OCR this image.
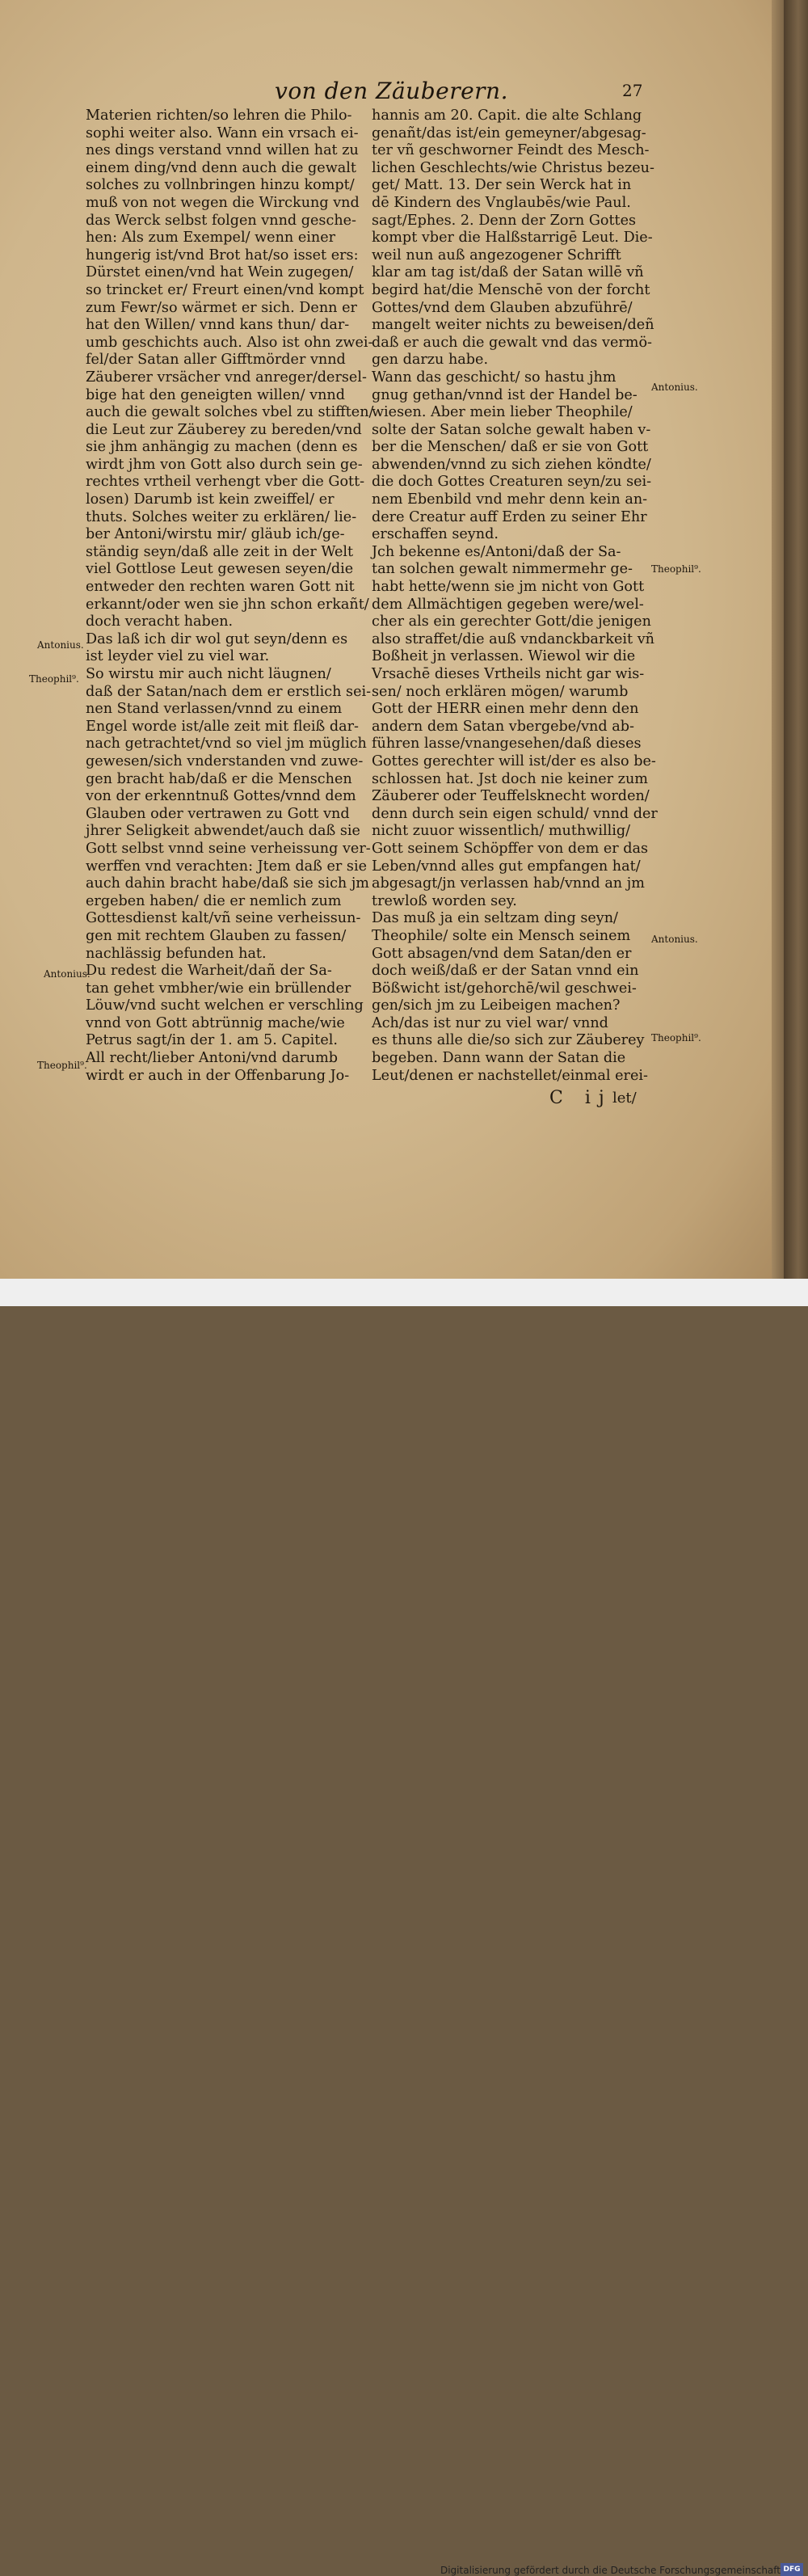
von den Zäuberern.	27
Materien richten/so lehren die Philo-
sophi weiter also. Wann ein vrsach ei-
nes dings verstand vnnd willen hat zu
einem ding/vnd denn auch die gewalt
solches zu vollnbringen hinzu kompt/
muß von not wegen die Wirckung vnd
das Werck selbst folgen vnnd gesche-
hen: Als zum Exempel/ wenn einer
hungerig ist/vnd Brot hat/so isset ers:
Dürstet einen/vnd hat Wein zugegen/
so trincket er/ Freurt einen/vnd kompt
zum Fewr/so wärmet er sich. Denn er
hat den Willen/ vnnd kans thun/ dar-
umb geschichts auch. Also ist ohn zwei-
fel/der Satan aller Gifftmörder vnnd
Zäuberer vrsächer vnd anreger/dersel-
bige hat den geneigten willen/ vnnd
auch die gewalt solches vbel zu stifften/
die Leut zur Zäuberey zu bereden/vnd
sie jhm anhängig zu machen (denn es
wirdt jhm von Gott also durch sein ge-
rechtes vrtheil verhengt vber die Gott-
losen) Darumb ist kein zweiffel/ er
thuts. Solches weiter zu erklären/ lie-
ber Antoni/wirstu mir/ gläub ich/ge-
ständig seyn/daß alle zeit in der Welt
viel Gottlose Leut gewesen seyen/die
entweder den rechten waren Gott nit
erkannt/oder wen sie jhn schon erkañt/
doch veracht haben.
Das laß ich dir wol gut seyn/denn es
ist leyder viel zu viel war.
So wirstu mir auch nicht läugnen/
daß der Satan/nach dem er erstlich sei-
nen Stand verlassen/vnnd zu einem
Engel worde ist/alle zeit mit fleiß dar-
nach getrachtet/vnd so viel jm müglich
gewesen/sich vnderstanden vnd zuwe-
gen bracht hab/daß er die Menschen
von der erkenntnuß Gottes/vnnd dem
Glauben oder vertrawen zu Gott vnd
jhrer Seligkeit abwendet/auch daß sie
Gott selbst vnnd seine verheissung ver-
werffen vnd verachten: Jtem daß er sie
auch dahin bracht habe/daß sie sich jm
ergeben haben/ die er nemlich zum
Gottesdienst kalt/vñ seine verheissun-
gen mit rechtem Glauben zu fassen/
nachlässig befunden hat.
Du redest die Warheit/dañ der Sa-
tan gehet vmbher/wie ein brüllender
Löuw/vnd sucht welchen er verschling
vnnd von Gott abtrünnig mache/wie
Petrus sagt/in der 1. am 5. Capitel.
All recht/lieber Antoni/vnd darumb
wirdt er auch in der Offenbarung Jo-
hannis am 20. Capit. die alte Schlang
genañt/das ist/ein gemeyner/abgesag-
ter vñ geschworner Feindt des Mesch-
lichen Geschlechts/wie Christus bezeu-
get/ Matt. 13. Der sein Werck hat in
dē Kindern des Vnglaubēs/wie Paul.
sagt/Ephes. 2. Denn der Zorn Gottes
kompt vber die Halßstarrigē Leut. Die-
weil nun auß angezogener Schrifft
klar am tag ist/daß der Satan willē vñ
begird hat/die Menschē von der forcht
Gottes/vnd dem Glauben abzuführē/
mangelt weiter nichts zu beweisen/deñ
daß er auch die gewalt vnd das vermö-
gen darzu habe.
Wann das geschicht/ so hastu jhm
gnug gethan/vnnd ist der Handel be-
wiesen. Aber mein lieber Theophile/
solte der Satan solche gewalt haben v-
ber die Menschen/ daß er sie von Gott
abwenden/vnnd zu sich ziehen köndte/
die doch Gottes Creaturen seyn/zu sei-
nem Ebenbild vnd mehr denn kein an-
dere Creatur auff Erden zu seiner Ehr
erschaffen seynd.
Jch bekenne es/Antoni/daß der Sa-
tan solchen gewalt nimmermehr ge-
habt hette/wenn sie jm nicht von Gott
dem Allmächtigen gegeben were/wel-
cher als ein gerechter Gott/die jenigen
also straffet/die auß vndanckbarkeit vñ
Boßheit jn verlassen. Wiewol wir die
Vrsachē dieses Vrtheils nicht gar wis-
sen/ noch erklären mögen/ warumb
Gott der HERR einen mehr denn den
andern dem Satan vbergebe/vnd ab-
führen lasse/vnangesehen/daß dieses
Gottes gerechter will ist/der es also be-
schlossen hat. Jst doch nie keiner zum
Zäuberer oder Teuffelsknecht worden/
denn durch sein eigen schuld/ vnnd der
nicht zuuor wissentlich/ muthwillig/
Gott seinem Schöpffer von dem er das
Leben/vnnd alles gut empfangen hat/
abgesagt/jn verlassen hab/vnnd an jm
trewloß worden sey.
Das muß ja ein seltzam ding seyn/
Theophile/ solte ein Mensch seinem
Gott absagen/vnd dem Satan/den er
doch weiß/daß er der Satan vnnd ein
Bößwicht ist/gehorchē/wil geschwei-
gen/sich jm zu Leibeigen machen?
Ach/das ist nur zu viel war/ vnnd
es thuns alle die/so sich zur Zäuberey
begeben. Dann wann der Satan die
Leut/denen er nachstellet/einmal erei-
Antonius.
Theophil⁹.
Antonius.
Theophil⁹.
Antonius.
Theophil⁹.
Antonius.
Theophil⁹.
C ij let/
Digitalisierung gefördert durch die Deutsche Forschungsgemeinschaft DFG
